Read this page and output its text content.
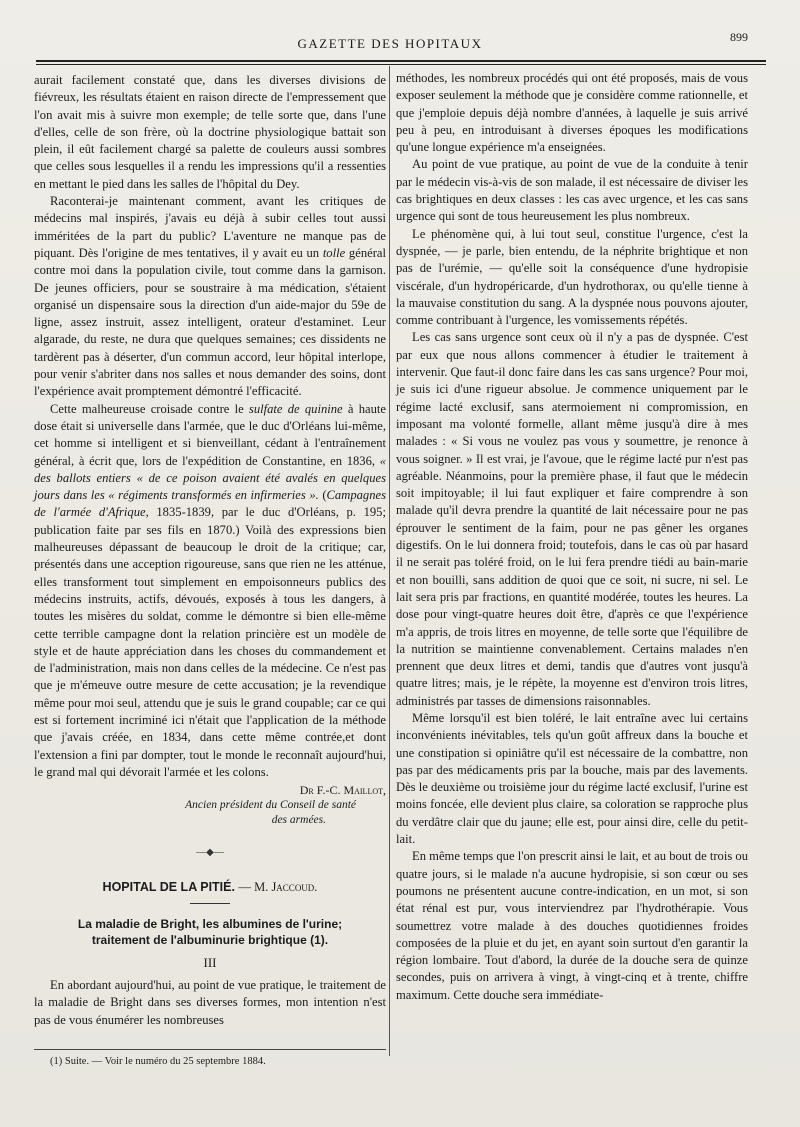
GAZETTE DES HOPITAUX	899

aurait facilement constaté que, dans les diverses divisions de fiévreux, les résultats étaient en raison directe de l'empressement que l'on avait mis à suivre mon exemple; de telle sorte que, dans l'une d'elles, celle de son frère, où la doctrine physiologique battait son plein, il eût facilement chargé sa palette de couleurs aussi sombres que celles sous lesquelles il a rendu les impressions qu'il a ressenties en mettant le pied dans les salles de l'hôpital du Dey.

Raconterai-je maintenant comment, avant les critiques de médecins mal inspirés, j'avais eu déjà à subir celles tout aussi imméritées de la part du public? L'aventure ne manque pas de piquant. Dès l'origine de mes tentatives, il y avait eu un tolle général contre moi dans la population civile, tout comme dans la garnison. De jeunes officiers, pour se soustraire à ma médication, s'étaient organisé un dispensaire sous la direction d'un aide-major du 59e de ligne, assez instruit, assez intelligent, orateur d'estaminet. Leur algarade, du reste, ne dura que quelques semaines; ces dissidents ne tardèrent pas à déserter, d'un commun accord, leur hôpital interlope, pour venir s'abriter dans nos salles et nous demander des soins, dont l'expérience avait promptement démontré l'efficacité.

Cette malheureuse croisade contre le sulfate de quinine à haute dose était si universelle dans l'armée, que le duc d'Orléans lui-même, cet homme si intelligent et si bienveillant, cédant à l'entraînement général, à écrit que, lors de l'expédition de Constantine, en 1836, « des ballots entiers « de ce poison avaient été avalés en quelques jours dans les « régiments transformés en infirmeries ». (Campagnes de l'armée d'Afrique, 1835-1839, par le duc d'Orléans, p. 195; publication faite par ses fils en 1870.) Voilà des expressions bien malheureuses dépassant de beaucoup le droit de la critique; car, présentés dans une acception rigoureuse, sans que rien ne les atténue, elles transforment tout simplement en empoisonneurs publics des médecins instruits, actifs, dévoués, exposés à tous les dangers, à toutes les misères du soldat, comme le démontre si bien elle-même cette terrible campagne dont la relation princière est un modèle de style et de haute appréciation dans les choses du commandement et de l'administration, mais non dans celles de la médecine. Ce n'est pas que je m'émeuve outre mesure de cette accusation; je la revendique même pour moi seul, attendu que je suis le grand coupable; car ce qui est si fortement incriminé ici n'était que l'application de la méthode que j'avais créée, en 1834, dans cette même contrée,et dont l'extension a fini par dompter, tout le monde le reconnaît aujourd'hui, le grand mal qui dévorait l'armée et les colons.

Dr F.-C. Maillot,
Ancien président du Conseil de santé
des armées.
—◆—
HOPITAL DE LA PITIÉ. — M. Jaccoud.
La maladie de Bright, les albumines de l'urine; traitement de l'albuminurie brightique (1).
III

En abordant aujourd'hui, au point de vue pratique, le traitement de la maladie de Bright dans ses diverses formes, mon intention n'est pas de vous énumérer les nombreuses

méthodes, les nombreux procédés qui ont été proposés, mais de vous exposer seulement la méthode que je considère comme rationnelle, et que j'emploie depuis déjà nombre d'années, à laquelle je suis arrivé peu à peu, en introduisant à diverses époques les modifications qu'une longue expérience m'a enseignées.

Au point de vue pratique, au point de vue de la conduite à tenir par le médecin vis-à-vis de son malade, il est nécessaire de diviser les cas brightiques en deux classes : les cas avec urgence, et les cas sans urgence qui sont de tous heureusement les plus nombreux.

Le phénomène qui, à lui tout seul, constitue l'urgence, c'est la dyspnée, — je parle, bien entendu, de la néphrite brightique et non pas de l'urémie, — qu'elle soit la conséquence d'une hydropisie viscérale, d'un hydropéricarde, d'un hydrothorax, ou qu'elle tienne à la mauvaise constitution du sang. A la dyspnée nous pouvons ajouter, comme contribuant à l'urgence, les vomissements répétés.

Les cas sans urgence sont ceux où il n'y a pas de dyspnée. C'est par eux que nous allons commencer à étudier le traitement à intervenir. Que faut-il donc faire dans les cas sans urgence? Pour moi, je suis ici d'une rigueur absolue. Je commence uniquement par le régime lacté exclusif, sans atermoiement ni compromission, en imposant ma volonté formelle, allant même jusqu'à dire à mes malades : « Si vous ne voulez pas vous y soumettre, je renonce à vous soigner. » Il est vrai, je l'avoue, que le régime lacté pur n'est pas agréable. Néanmoins, pour la première phase, il faut que le médecin soit impitoyable; il lui faut expliquer et faire comprendre à son malade qu'il devra prendre la quantité de lait nécessaire pour ne pas éprouver le sentiment de la faim, pour ne pas gêner les organes digestifs. On le lui donnera froid; toutefois, dans le cas où par hasard il ne serait pas toléré froid, on le lui fera prendre tiédi au bain-marie et non bouilli, sans addition de quoi que ce soit, ni sucre, ni sel. Le lait sera pris par fractions, en quantité modérée, toutes les heures. La dose pour vingt-quatre heures doit être, d'après ce que l'expérience m'a appris, de trois litres en moyenne, de telle sorte que l'équilibre de la nutrition se maintienne convenablement. Certains malades n'en prennent que deux litres et demi, tandis que d'autres vont jusqu'à quatre litres; mais, je le répète, la moyenne est d'environ trois litres, administrés par tasses de dimensions raisonnables.

Même lorsqu'il est bien toléré, le lait entraîne avec lui certains inconvénients inévitables, tels qu'un goût affreux dans la bouche et une constipation si opiniâtre qu'il est nécessaire de la combattre, non pas par des médicaments pris par la bouche, mais par des lavements. Dès le deuxième ou troisième jour du régime lacté exclusif, l'urine est moins foncée, elle devient plus claire, sa coloration se rapproche plus du verdâtre clair que du jaune; elle est, pour ainsi dire, celle du petit-lait.

En même temps que l'on prescrit ainsi le lait, et au bout de trois ou quatre jours, si le malade n'a aucune hydropisie, si son cœur ou ses poumons ne présentent aucune contre-indication, en un mot, si son état rénal est pur, vous interviendrez par l'hydrothérapie. Vous soumettrez votre malade à des douches quotidiennes froides composées de la pluie et du jet, en ayant soin surtout d'en garantir la région lombaire. Tout d'abord, la durée de la douche sera de quinze secondes, puis on arrivera à vingt, à vingt-cinq et à trente, chiffre maximum. Cette douche sera immédiate-

(1) Suite. — Voir le numéro du 25 septembre 1884.
